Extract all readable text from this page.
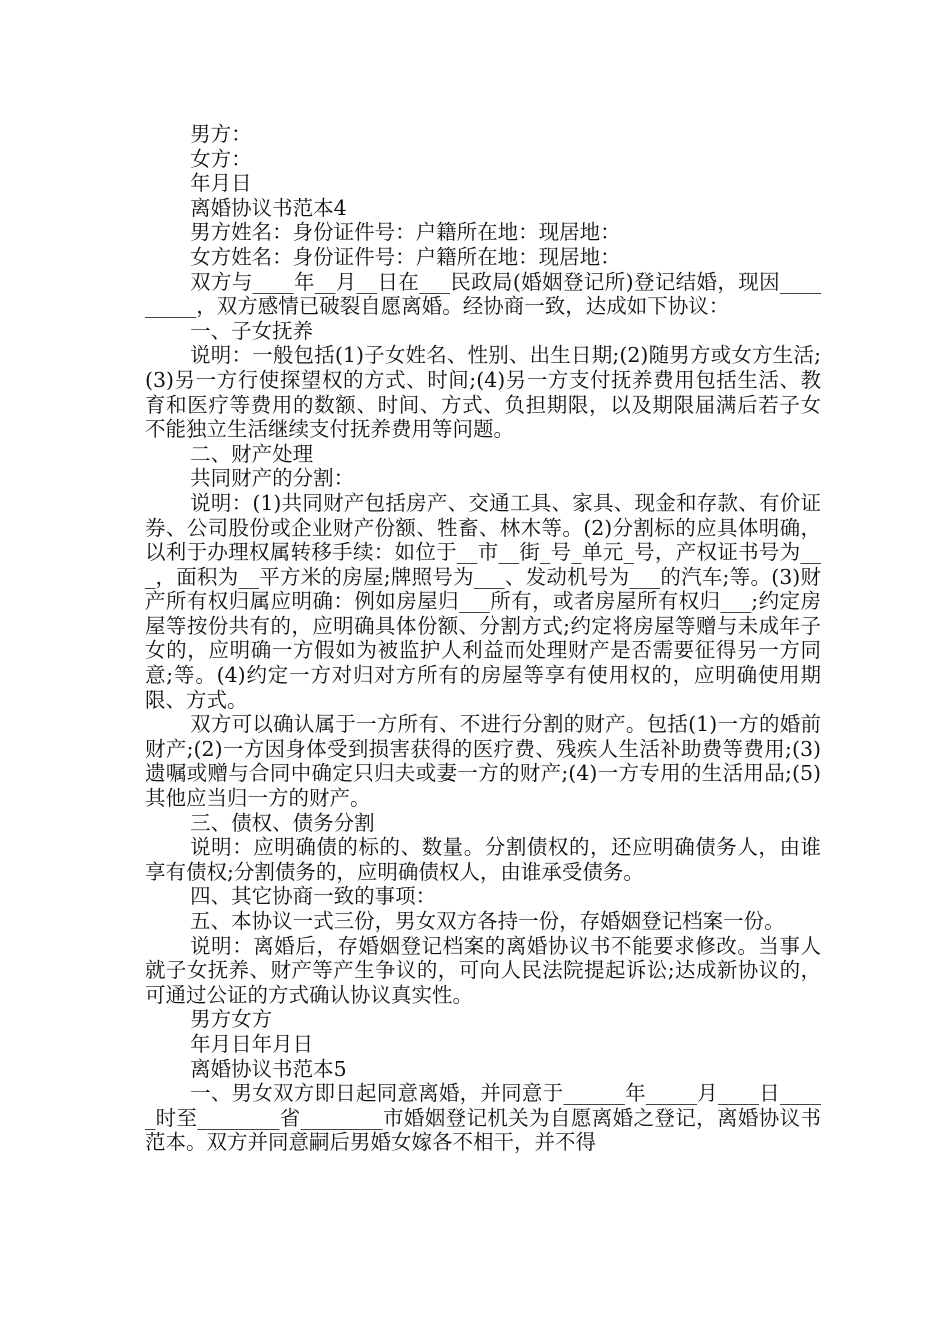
男方：

女方：

年月日

离婚协议书范本4

男方姓名：身份证件号：户籍所在地：现居地：

女方姓名：身份证件号：户籍所在地：现居地：

双方与____年__月__日在___民政局(婚姻登记所)登记结婚，现因_________，双方感情已破裂自愿离婚。经协商一致，达成如下协议：

一、子女抚养

说明：一般包括(1)子女姓名、性别、出生日期;(2)随男方或女方生活;(3)另一方行使探望权的方式、时间;(4)另一方支付抚养费用包括生活、教育和医疗等费用的数额、时间、方式、负担期限，以及期限届满后若子女不能独立生活继续支付抚养费用等问题。

二、财产处理

共同财产的分割：

说明：(1)共同财产包括房产、交通工具、家具、现金和存款、有价证券、公司股份或企业财产份额、牲畜、林木等。(2)分割标的应具体明确，以利于办理权属转移手续：如位于__市__街_号_单元_号，产权证书号为___，面积为__平方米的房屋;牌照号为___、发动机号为___的汽车;等。(3)财产所有权归属应明确：例如房屋归___所有，或者房屋所有权归___;约定房屋等按份共有的，应明确具体份额、分割方式;约定将房屋等赠与未成年子女的，应明确一方假如为被监护人利益而处理财产是否需要征得另一方同意;等。(4)约定一方对归对方所有的房屋等享有使用权的，应明确使用期限、方式。

双方可以确认属于一方所有、不进行分割的财产。包括(1)一方的婚前财产;(2)一方因身体受到损害获得的医疗费、残疾人生活补助费等费用;(3)遗嘱或赠与合同中确定只归夫或妻一方的财产;(4)一方专用的生活用品;(5)其他应当归一方的财产。

三、债权、债务分割

说明：应明确债的标的、数量。分割债权的，还应明确债务人，由谁享有债权;分割债务的，应明确债权人，由谁承受债务。

四、其它协商一致的事项：

五、本协议一式三份，男女双方各持一份，存婚姻登记档案一份。

说明：离婚后，存婚姻登记档案的离婚协议书不能要求修改。当事人就子女抚养、财产等产生争议的，可向人民法院提起诉讼;达成新协议的，可通过公证的方式确认协议真实性。

男方女方

年月日年月日

离婚协议书范本5

一、男女双方即日起同意离婚，并同意于______年_____月____日_____时至________省________市婚姻登记机关为自愿离婚之登记，离婚协议书范本。双方并同意嗣后男婚女嫁各不相干，并不得
